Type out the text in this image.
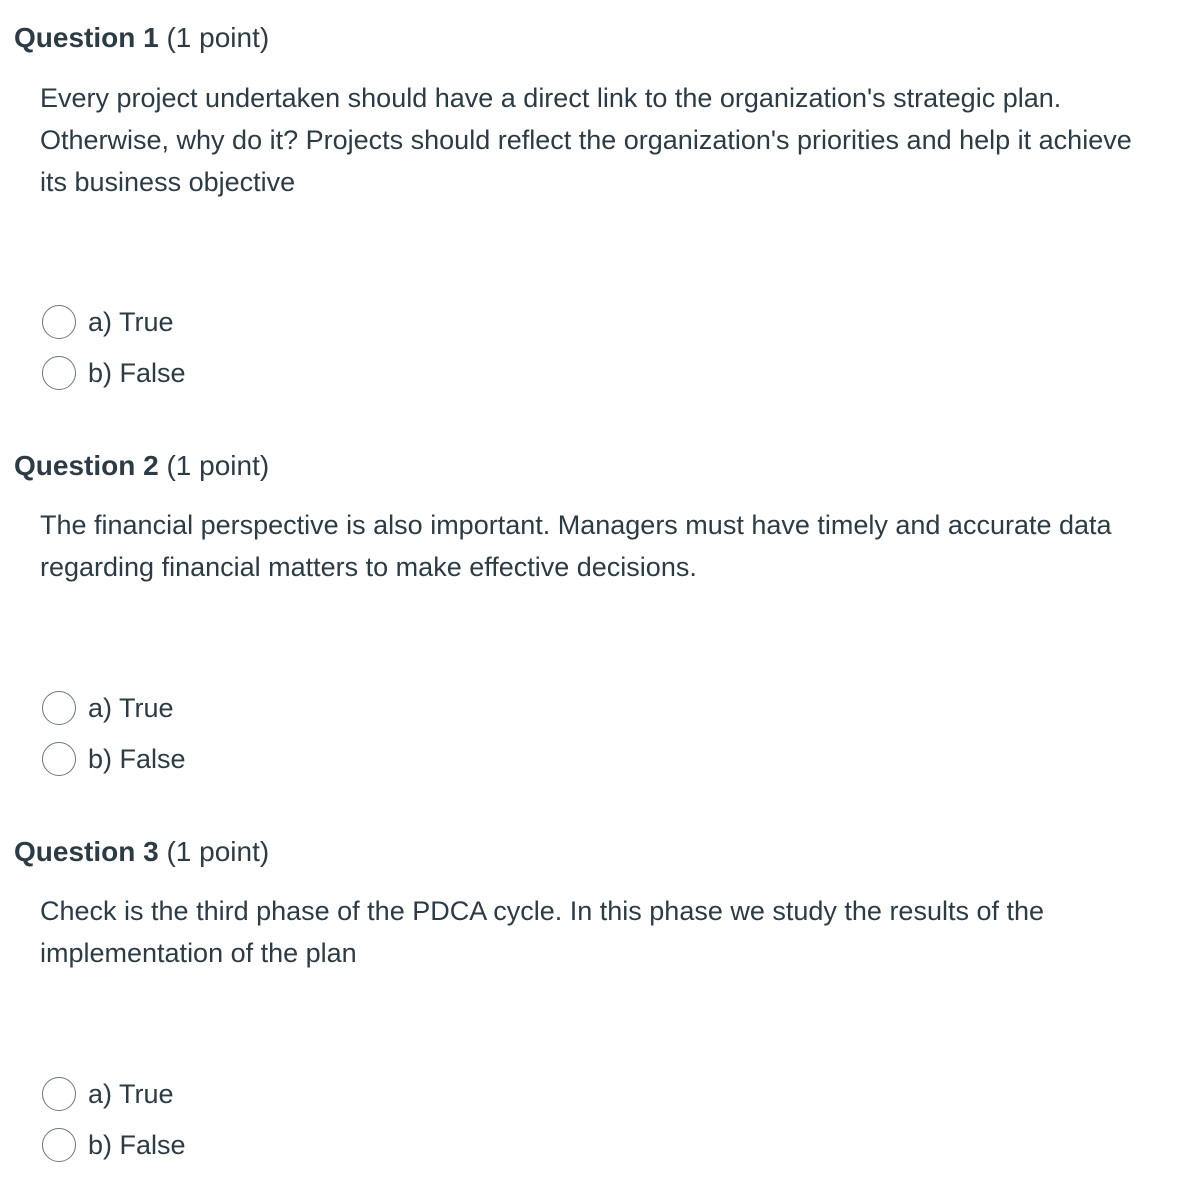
Question 1 (1 point)
Every project undertaken should have a direct link to the organization's strategic plan. Otherwise, why do it? Projects should reflect the organization's priorities and help it achieve its business objective
a) True
b) False
Question 2 (1 point)
The financial perspective is also important. Managers must have timely and accurate data regarding financial matters to make effective decisions.
a) True
b) False
Question 3 (1 point)
Check is the third phase of the PDCA cycle. In this phase we study the results of the implementation of the plan
a) True
b) False
